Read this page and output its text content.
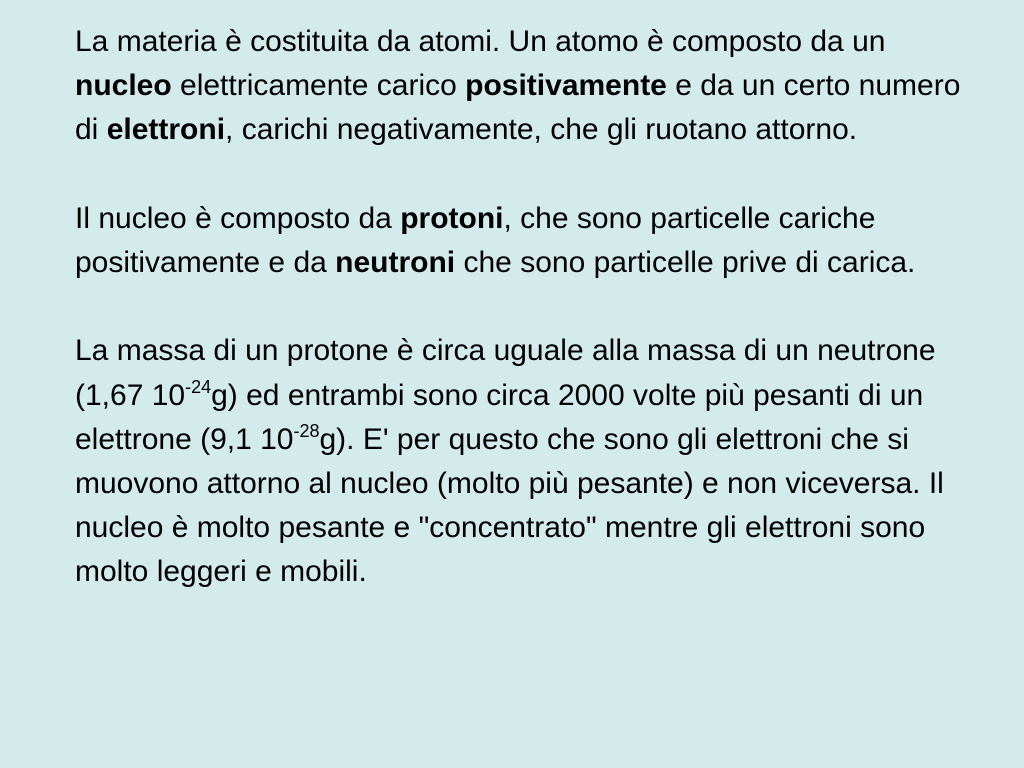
La materia è costituita da atomi. Un atomo è composto da un nucleo elettricamente carico positivamente e da un certo numero di elettroni, carichi negativamente, che gli ruotano attorno.

Il nucleo è composto da protoni, che sono particelle cariche positivamente e da neutroni che sono particelle prive di carica.

La massa di un protone è circa uguale alla massa di un neutrone (1,67 $10^{-24}g$) ed entrambi sono circa 2000 volte più pesanti di un elettrone (9,1 $10^{-28}g$). E' per questo che sono gli elettroni che si muovono attorno al nucleo (molto più pesante) e non viceversa. Il nucleo è molto pesante e "concentrato" mentre gli elettroni sono molto leggeri e mobili.
